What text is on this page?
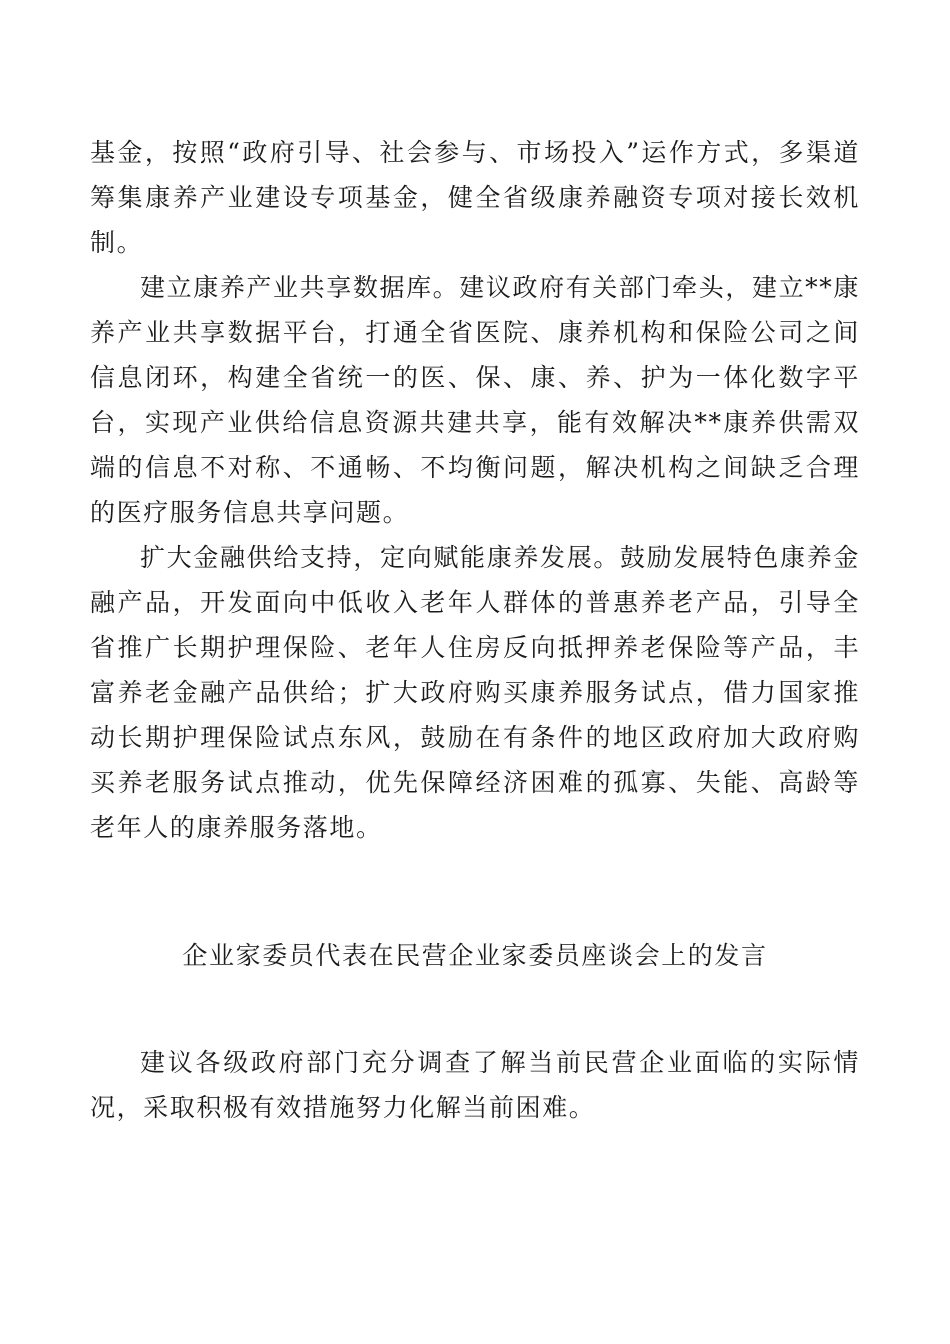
基金，按照“政府引导、社会参与、市场投入”运作方式，多渠道筹集康养产业建设专项基金，健全省级康养融资专项对接长效机制。

建立康养产业共享数据库。建议政府有关部门牵头，建立**康养产业共享数据平台，打通全省医院、康养机构和保险公司之间信息闭环，构建全省统一的医、保、康、养、护为一体化数字平台，实现产业供给信息资源共建共享，能有效解决**康养供需双端的信息不对称、不通畅、不均衡问题，解决机构之间缺乏合理的医疗服务信息共享问题。

扩大金融供给支持，定向赋能康养发展。鼓励发展特色康养金融产品，开发面向中低收入老年人群体的普惠养老产品，引导全省推广长期护理保险、老年人住房反向抵押养老保险等产品，丰富养老金融产品供给；扩大政府购买康养服务试点，借力国家推动长期护理保险试点东风，鼓励在有条件的地区政府加大政府购买养老服务试点推动，优先保障经济困难的孤寡、失能、高龄等老年人的康养服务落地。

企业家委员代表在民营企业家委员座谈会上的发言

建议各级政府部门充分调查了解当前民营企业面临的实际情况，采取积极有效措施努力化解当前困难。
